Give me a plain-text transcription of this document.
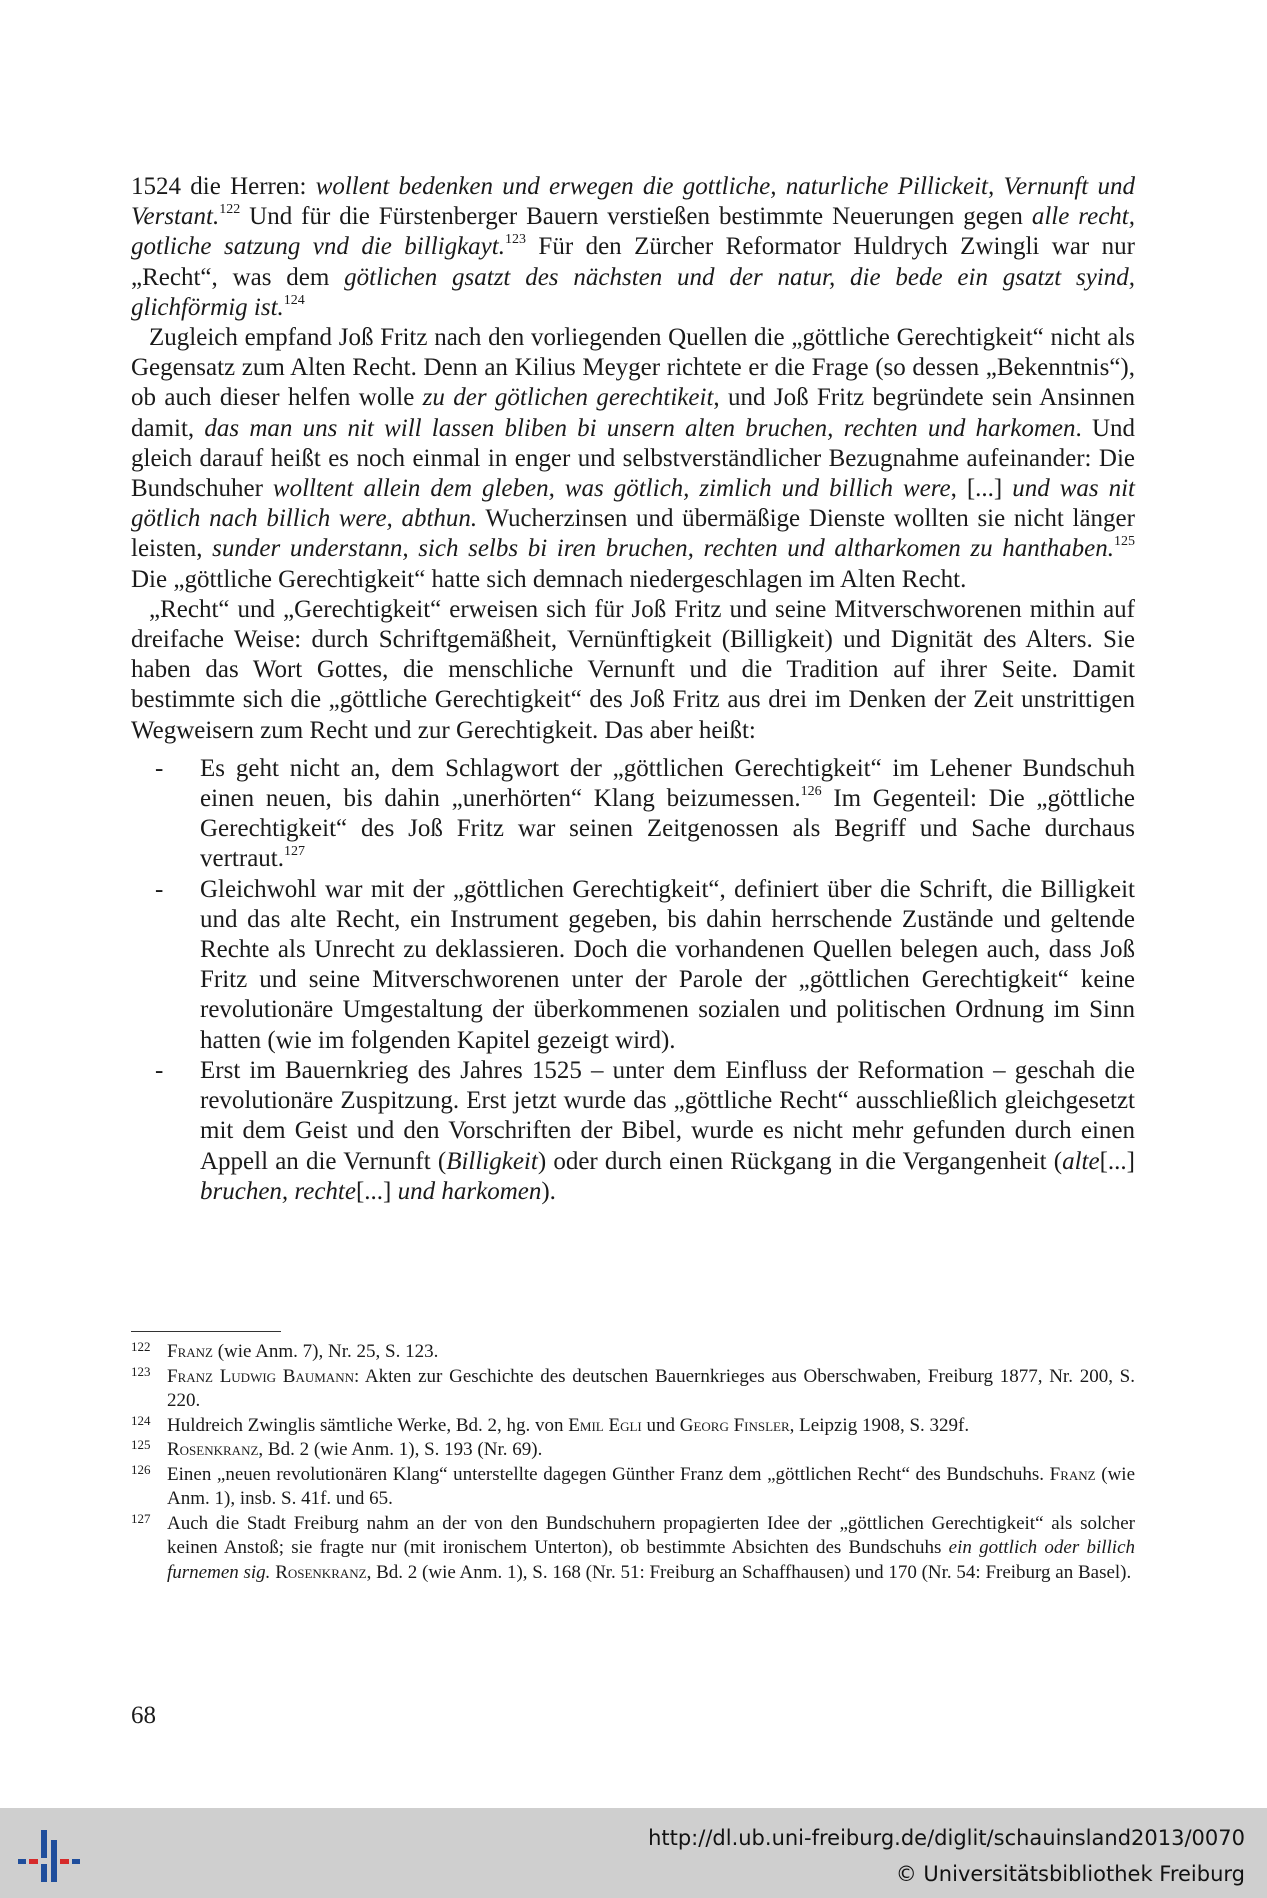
1524 die Herren: wollent bedenken und erwegen die gottliche, naturliche Pillickeit, Vernunft und Verstant.$^{122}$ Und für die Fürstenberger Bauern verstießen bestimmte Neuerungen gegen alle recht, gotliche satzung vnd die billigkayt.$^{123}$ Für den Zürcher Reformator Huldrych Zwingli war nur „Recht“, was dem götlichen gsatzt des nächsten und der natur, die bede ein gsatzt syind, glichförmig ist.$^{124}$

Zugleich empfand Joß Fritz nach den vorliegenden Quellen die „göttliche Gerechtigkeit“ nicht als Gegensatz zum Alten Recht. Denn an Kilius Meyger richtete er die Frage (so dessen „Bekenntnis“), ob auch dieser helfen wolle zu der götlichen gerechtikeit, und Joß Fritz begründete sein Ansinnen damit, das man uns nit will lassen bliben bi unsern alten bruchen, rechten und harkomen. Und gleich darauf heißt es noch einmal in enger und selbstverständlicher Bezugnahme aufeinander: Die Bundschuher wolltent allein dem gleben, was götlich, zimlich und billich were, [...] und was nit götlich nach billich were, abthun. Wucherzinsen und übermäßige Dienste wollten sie nicht länger leisten, sunder understann, sich selbs bi iren bruchen, rechten und altharkomen zu hanthaben.$^{125}$ Die „göttliche Gerechtigkeit“ hatte sich demnach niedergeschlagen im Alten Recht.

„Recht“ und „Gerechtigkeit“ erweisen sich für Joß Fritz und seine Mitverschworenen mithin auf dreifache Weise: durch Schriftgemäßheit, Vernünftigkeit (Billigkeit) und Dignität des Alters. Sie haben das Wort Gottes, die menschliche Vernunft und die Tradition auf ihrer Seite. Damit bestimmte sich die „göttliche Gerechtigkeit“ des Joß Fritz aus drei im Denken der Zeit unstrittigen Wegweisern zum Recht und zur Gerechtigkeit. Das aber heißt:

- Es geht nicht an, dem Schlagwort der „göttlichen Gerechtigkeit“ im Lehener Bundschuh einen neuen, bis dahin „unerhörten“ Klang beizumessen.$^{126}$ Im Gegenteil: Die „göttliche Gerechtigkeit“ des Joß Fritz war seinen Zeitgenossen als Begriff und Sache durchaus vertraut.$^{127}$
- Gleichwohl war mit der „göttlichen Gerechtigkeit“, definiert über die Schrift, die Billigkeit und das alte Recht, ein Instrument gegeben, bis dahin herrschende Zustände und geltende Rechte als Unrecht zu deklassieren. Doch die vorhandenen Quellen belegen auch, dass Joß Fritz und seine Mitverschworenen unter der Parole der „göttlichen Gerechtigkeit“ keine revolutionäre Umgestaltung der überkommenen sozialen und politischen Ordnung im Sinn hatten (wie im folgenden Kapitel gezeigt wird).
- Erst im Bauernkrieg des Jahres 1525 – unter dem Einfluss der Reformation – geschah die revolutionäre Zuspitzung. Erst jetzt wurde das „göttliche Recht“ ausschließlich gleichgesetzt mit dem Geist und den Vorschriften der Bibel, wurde es nicht mehr gefunden durch einen Appell an die Vernunft (Billigkeit) oder durch einen Rückgang in die Vergangenheit (alte[...] bruchen, rechte[...] und harkomen).
122 Franz (wie Anm. 7), Nr. 25, S. 123.
123 Franz Ludwig Baumann: Akten zur Geschichte des deutschen Bauernkrieges aus Oberschwaben, Freiburg 1877, Nr. 200, S. 220.
124 Huldreich Zwinglis sämtliche Werke, Bd. 2, hg. von Emil Egli und Georg Finsler, Leipzig 1908, S. 329f.
125 Rosenkranz, Bd. 2 (wie Anm. 1), S. 193 (Nr. 69).
126 Einen „neuen revolutionären Klang“ unterstellte dagegen Günther Franz dem „göttlichen Recht“ des Bundschuhs. Franz (wie Anm. 1), insb. S. 41f. und 65.
127 Auch die Stadt Freiburg nahm an der von den Bundschuhern propagierten Idee der „göttlichen Gerechtigkeit“ als solcher keinen Anstoß; sie fragte nur (mit ironischem Unterton), ob bestimmte Absichten des Bundschuhs ein gottlich oder billich furnemen sig. Rosenkranz, Bd. 2 (wie Anm. 1), S. 168 (Nr. 51: Freiburg an Schaffhausen) und 170 (Nr. 54: Freiburg an Basel).
68
http://dl.ub.uni-freiburg.de/diglit/schauinsland2013/0070
© Universitätsbibliothek Freiburg
